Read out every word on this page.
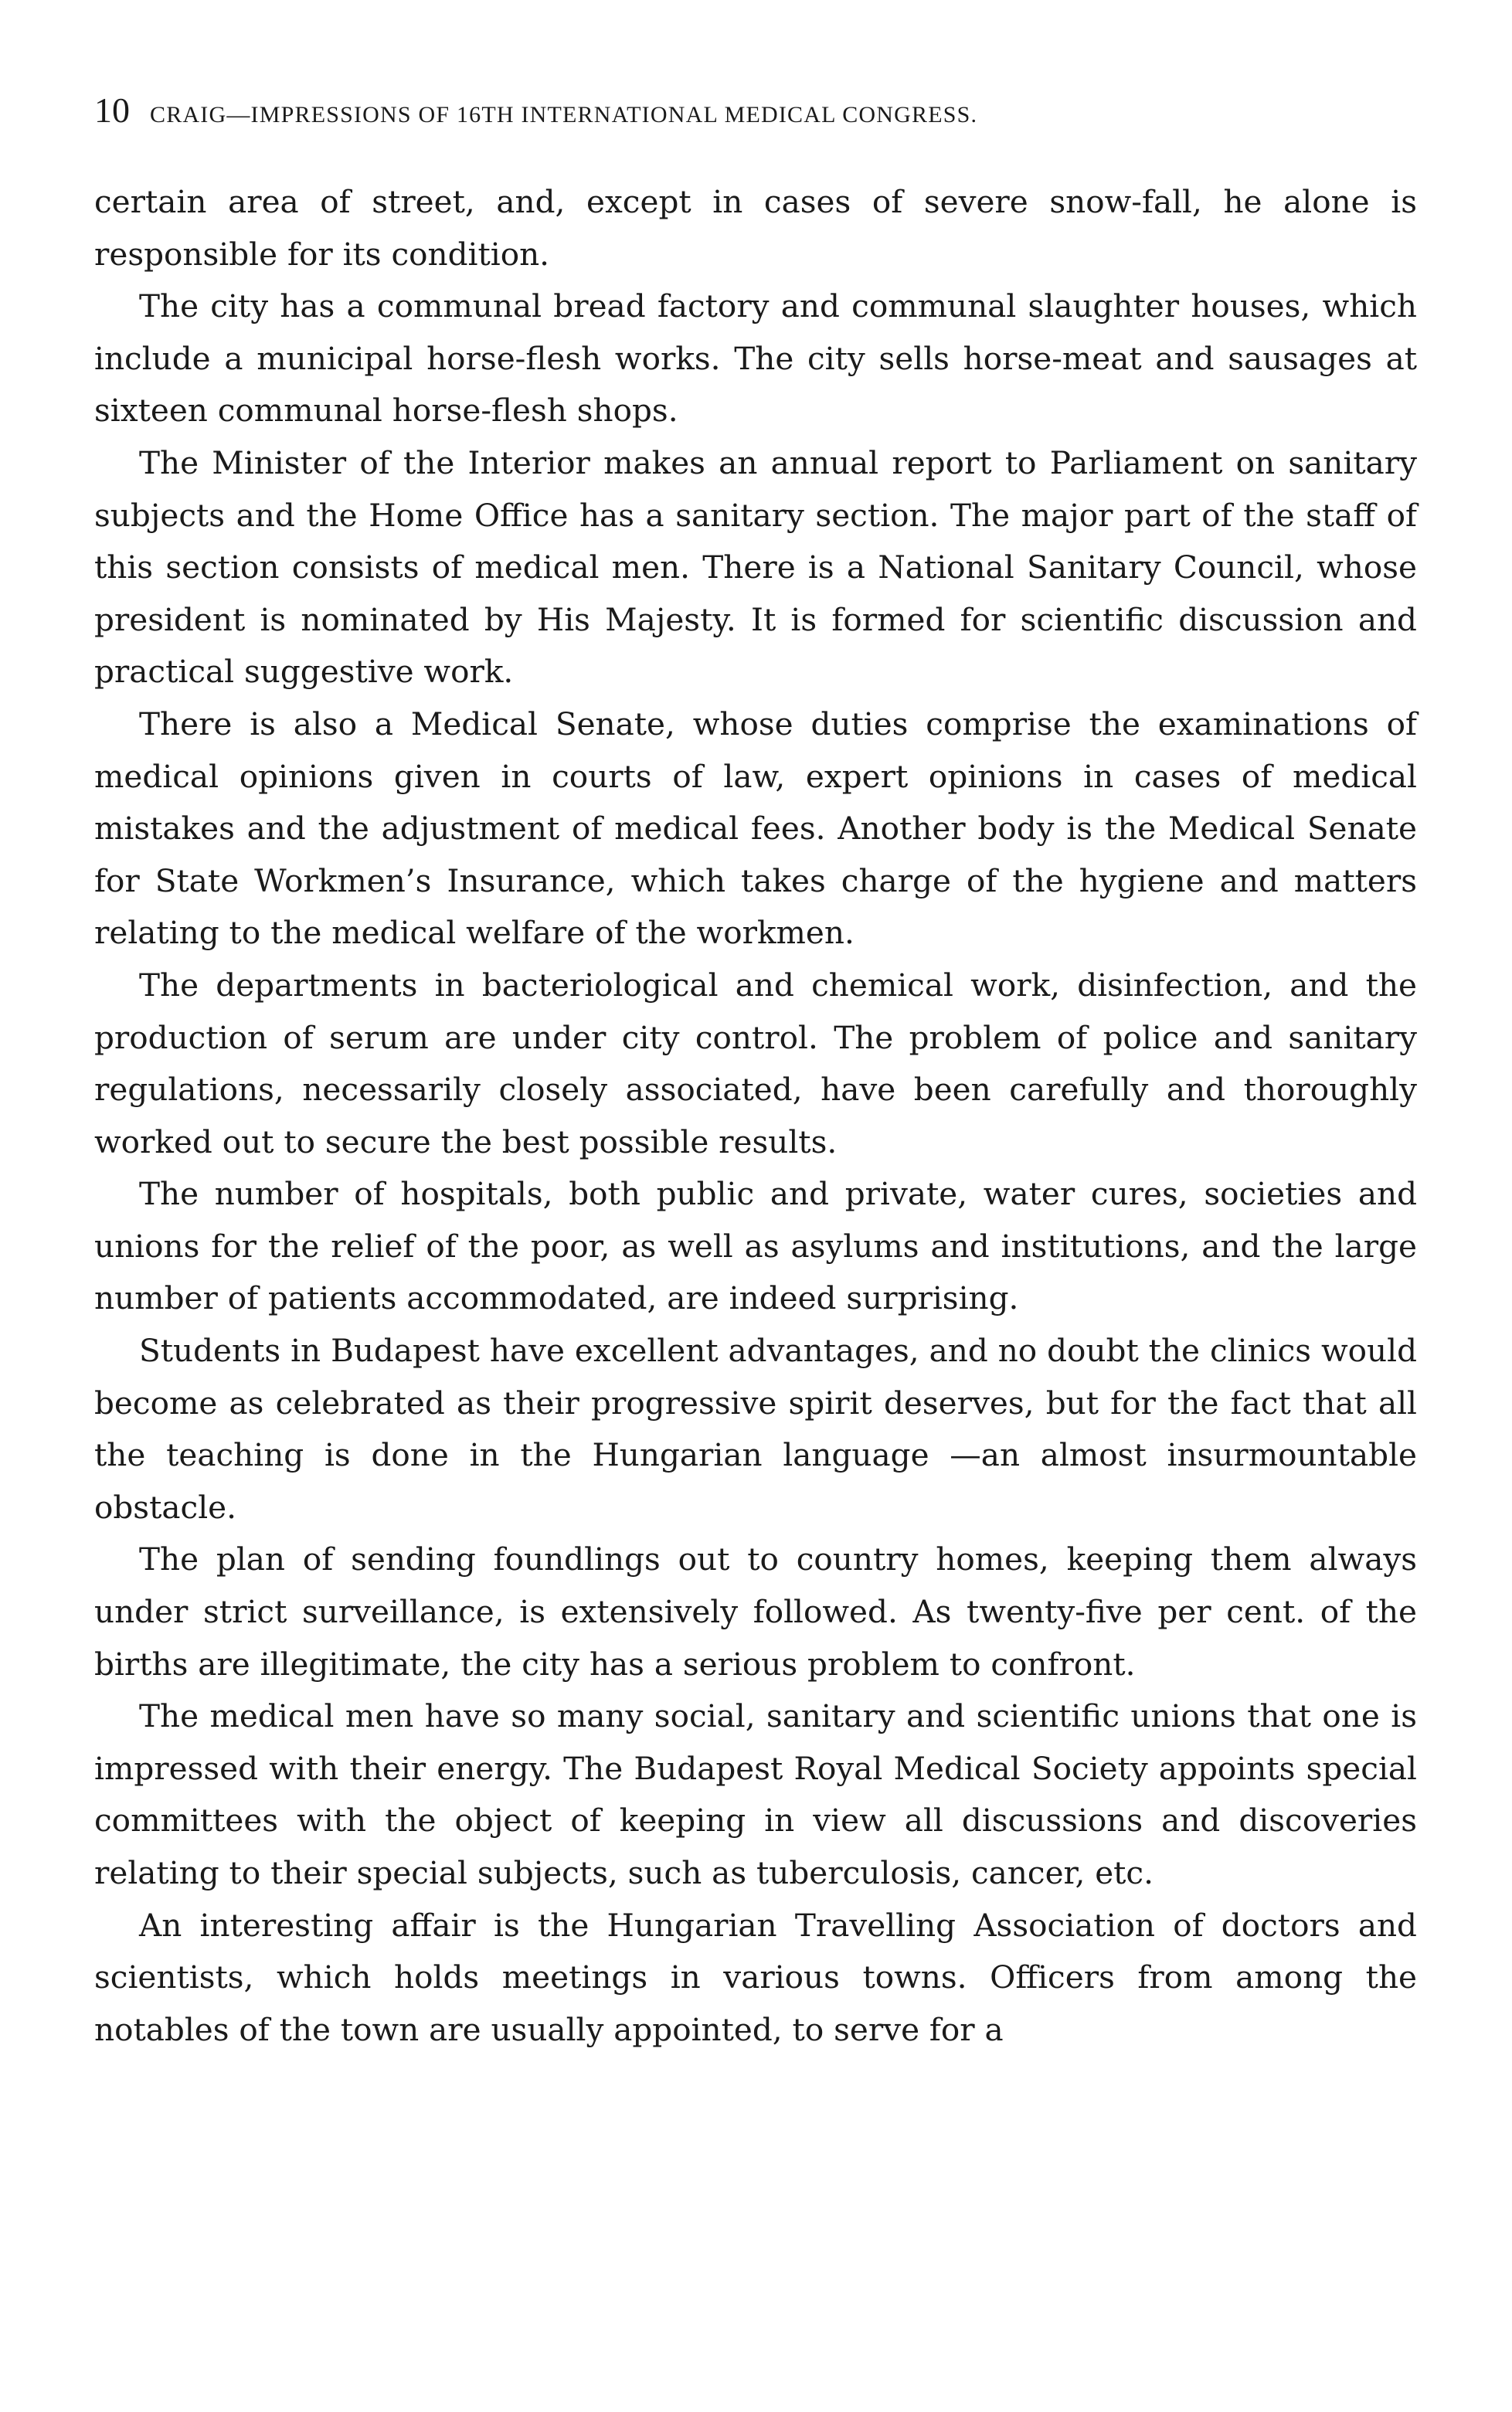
10 CRAIG—IMPRESSIONS OF 16TH INTERNATIONAL MEDICAL CONGRESS.

certain area of street, and, except in cases of severe snow-fall, he alone is responsible for its condition.

The city has a communal bread factory and communal slaughter houses, which include a municipal horse-flesh works. The city sells horse-meat and sausages at sixteen communal horse-flesh shops.

The Minister of the Interior makes an annual report to Parliament on sanitary subjects and the Home Office has a sanitary section. The major part of the staff of this section consists of medical men. There is a National Sanitary Council, whose president is nominated by His Majesty. It is formed for scientific discussion and practical suggestive work.

There is also a Medical Senate, whose duties comprise the examinations of medical opinions given in courts of law, expert opinions in cases of medical mistakes and the adjustment of medical fees. Another body is the Medical Senate for State Workmen’s Insurance, which takes charge of the hygiene and matters relating to the medical welfare of the workmen.

The departments in bacteriological and chemical work, disinfection, and the production of serum are under city control. The problem of police and sanitary regulations, necessarily closely associated, have been carefully and thoroughly worked out to secure the best possible results.

The number of hospitals, both public and private, water cures, societies and unions for the relief of the poor, as well as asylums and institutions, and the large number of patients accommodated, are indeed surprising.

Students in Budapest have excellent advantages, and no doubt the clinics would become as celebrated as their progressive spirit deserves, but for the fact that all the teaching is done in the Hungarian language —an almost insurmountable obstacle.

The plan of sending foundlings out to country homes, keeping them always under strict surveillance, is extensively followed. As twenty-five per cent. of the births are illegitimate, the city has a serious problem to confront.

The medical men have so many social, sanitary and scientific unions that one is impressed with their energy. The Budapest Royal Medical Society appoints special committees with the object of keeping in view all discussions and discoveries relating to their special subjects, such as tuberculosis, cancer, etc.

An interesting affair is the Hungarian Travelling Association of doctors and scientists, which holds meetings in various towns. Officers from among the notables of the town are usually appointed, to serve for a
